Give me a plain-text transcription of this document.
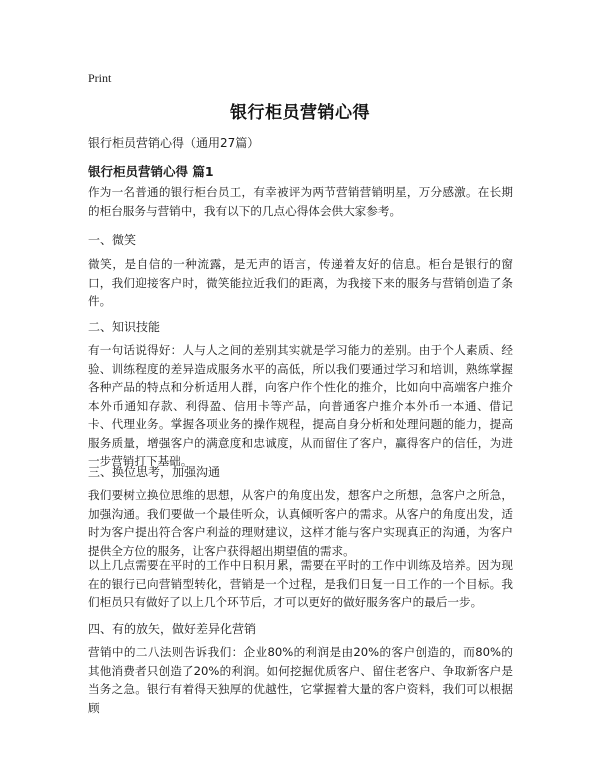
Print
银行柜员营销心得
银行柜员营销心得（通用27篇）
银行柜员营销心得 篇1
作为一名普通的银行柜台员工，有幸被评为两节营销营销明星，万分感激。在长期的柜台服务与营销中，我有以下的几点心得体会供大家参考。
一、微笑
微笑，是自信的一种流露，是无声的语言，传递着友好的信息。柜台是银行的窗口，我们迎接客户时，微笑能拉近我们的距离，为我接下来的服务与营销创造了条件。
二、知识技能
有一句话说得好：人与人之间的差别其实就是学习能力的差别。由于个人素质、经验、训练程度的差异造成服务水平的高低，所以我们要通过学习和培训，熟练掌握各种产品的特点和分析适用人群，向客户作个性化的推介，比如向中高端客户推介本外币通知存款、利得盈、信用卡等产品，向普通客户推介本外币一本通、借记卡、代理业务。掌握各项业务的操作规程，提高自身分析和处理问题的能力，提高服务质量，增强客户的满意度和忠诚度，从而留住了客户，赢得客户的信任，为进一步营销打下基础。
三、换位思考，加强沟通
我们要树立换位思维的思想，从客户的角度出发，想客户之所想，急客户之所急，加强沟通。我们要做一个最佳听众，认真倾听客户的需求。从客户的角度出发，适时为客户提出符合客户利益的理财建议，这样才能与客户实现真正的沟通，为客户提供全方位的服务，让客户获得超出期望值的需求。
以上几点需要在平时的工作中日积月累，需要在平时的工作中训练及培养。因为现在的银行已向营销型转化，营销是一个过程，是我们日复一日工作的一个目标。我们柜员只有做好了以上几个环节后，才可以更好的做好服务客户的最后一步。
四、有的放矢，做好差异化营销
营销中的二八法则告诉我们：企业80%的利润是由20%的客户创造的，而80%的其他消费者只创造了20%的利润。如何挖掘优质客户、留住老客户、争取新客户是当务之急。银行有着得天独厚的优越性，它掌握着大量的客户资料，我们可以根据顾
